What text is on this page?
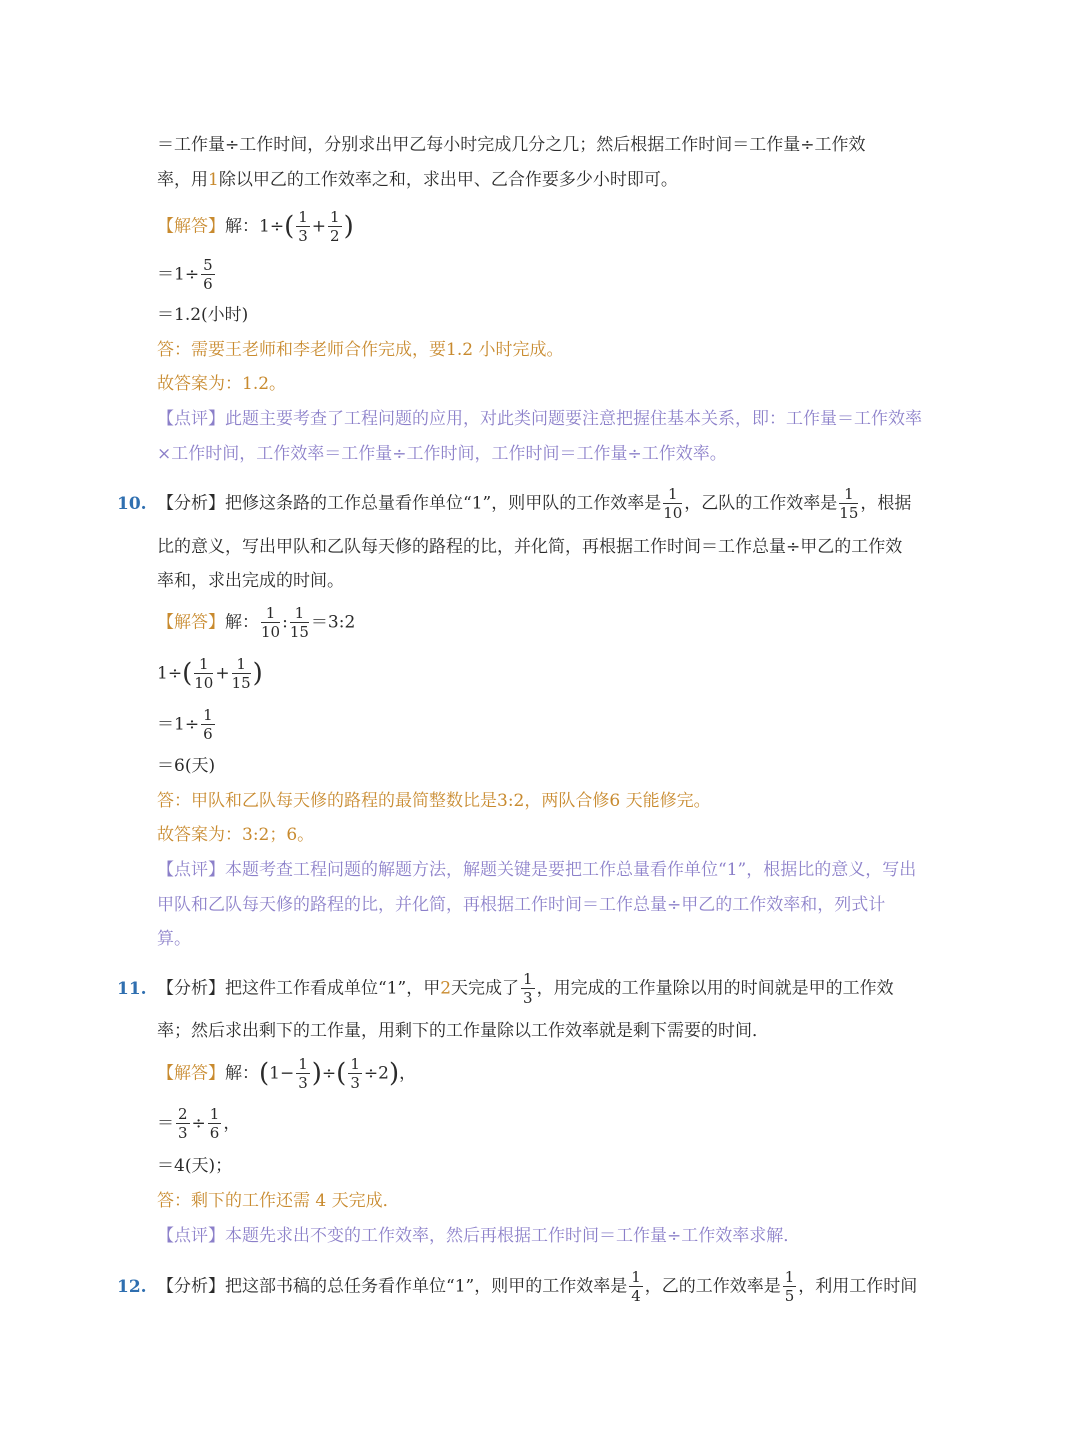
＝工作量÷工作时间，分别求出甲乙每小时完成几分之几；然后根据工作时间＝工作量÷工作效
率，用1除以甲乙的工作效率之和，求出甲、乙合作要多少小时即可。
【解答】解：$1\div( \frac{1}{3} + \frac{1}{2}$ )
$=1\div \frac{5}{6}$
＝1.2(小时)
答：需要王老师和李老师合作完成，要1.2 小时完成。
故答案为：1.2。
【点评】此题主要考查了工程问题的应用，对此类问题要注意把握住基本关系，即：工作量＝工作效率
×工作时间，工作效率＝工作量÷工作时间，工作时间＝工作量÷工作效率。
10. 【分析】把修这条路的工作总量看作单位“1”，则甲队的工作效率是 $\frac{1}{10}$ ，乙队的工作效率是 $\frac{1}{15}$ ，根据
比的意义，写出甲队和乙队每天修的路程的比，并化简，再根据工作时间＝工作总量÷甲乙的工作效
率和，求出完成的时间。
【解答】解： $\frac{1}{10}$ : $\frac{1}{15}$ ＝3:2
$1\div( \frac{1}{10} + \frac{1}{15}$ )
$=1\div \frac{1}{6}$
＝6(天)
答：甲队和乙队每天修的路程的最简整数比是3:2，两队合修6 天能修完。
故答案为：3:2；6。
【点评】本题考查工程问题的解题方法，解题关键是要把工作总量看作单位“1”，根据比的意义，写出
甲队和乙队每天修的路程的比，并化简，再根据工作时间＝工作总量÷甲乙的工作效率和，列式计
算。
11. 【分析】把这件工作看成单位“1”，甲2天完成了 $\frac{1}{3}$ ，用完成的工作量除以用的时间就是甲的工作效
率；然后求出剩下的工作量，用剩下的工作量除以工作效率就是剩下需要的时间．
【解答】解：($1- \frac{1}{3}$ )÷( $\frac{1}{3} \div 2$)，
＝ $\frac{2}{3} \div \frac{1}{6}$ ，
＝4(天)；
答：剩下的工作还需 4 天完成．
【点评】本题先求出不变的工作效率，然后再根据工作时间＝工作量÷工作效率求解．
12. 【分析】把这部书稿的总任务看作单位“1”，则甲的工作效率是 $\frac{1}{4}$ ，乙的工作效率是 $\frac{1}{5}$ ，利用工作时间
